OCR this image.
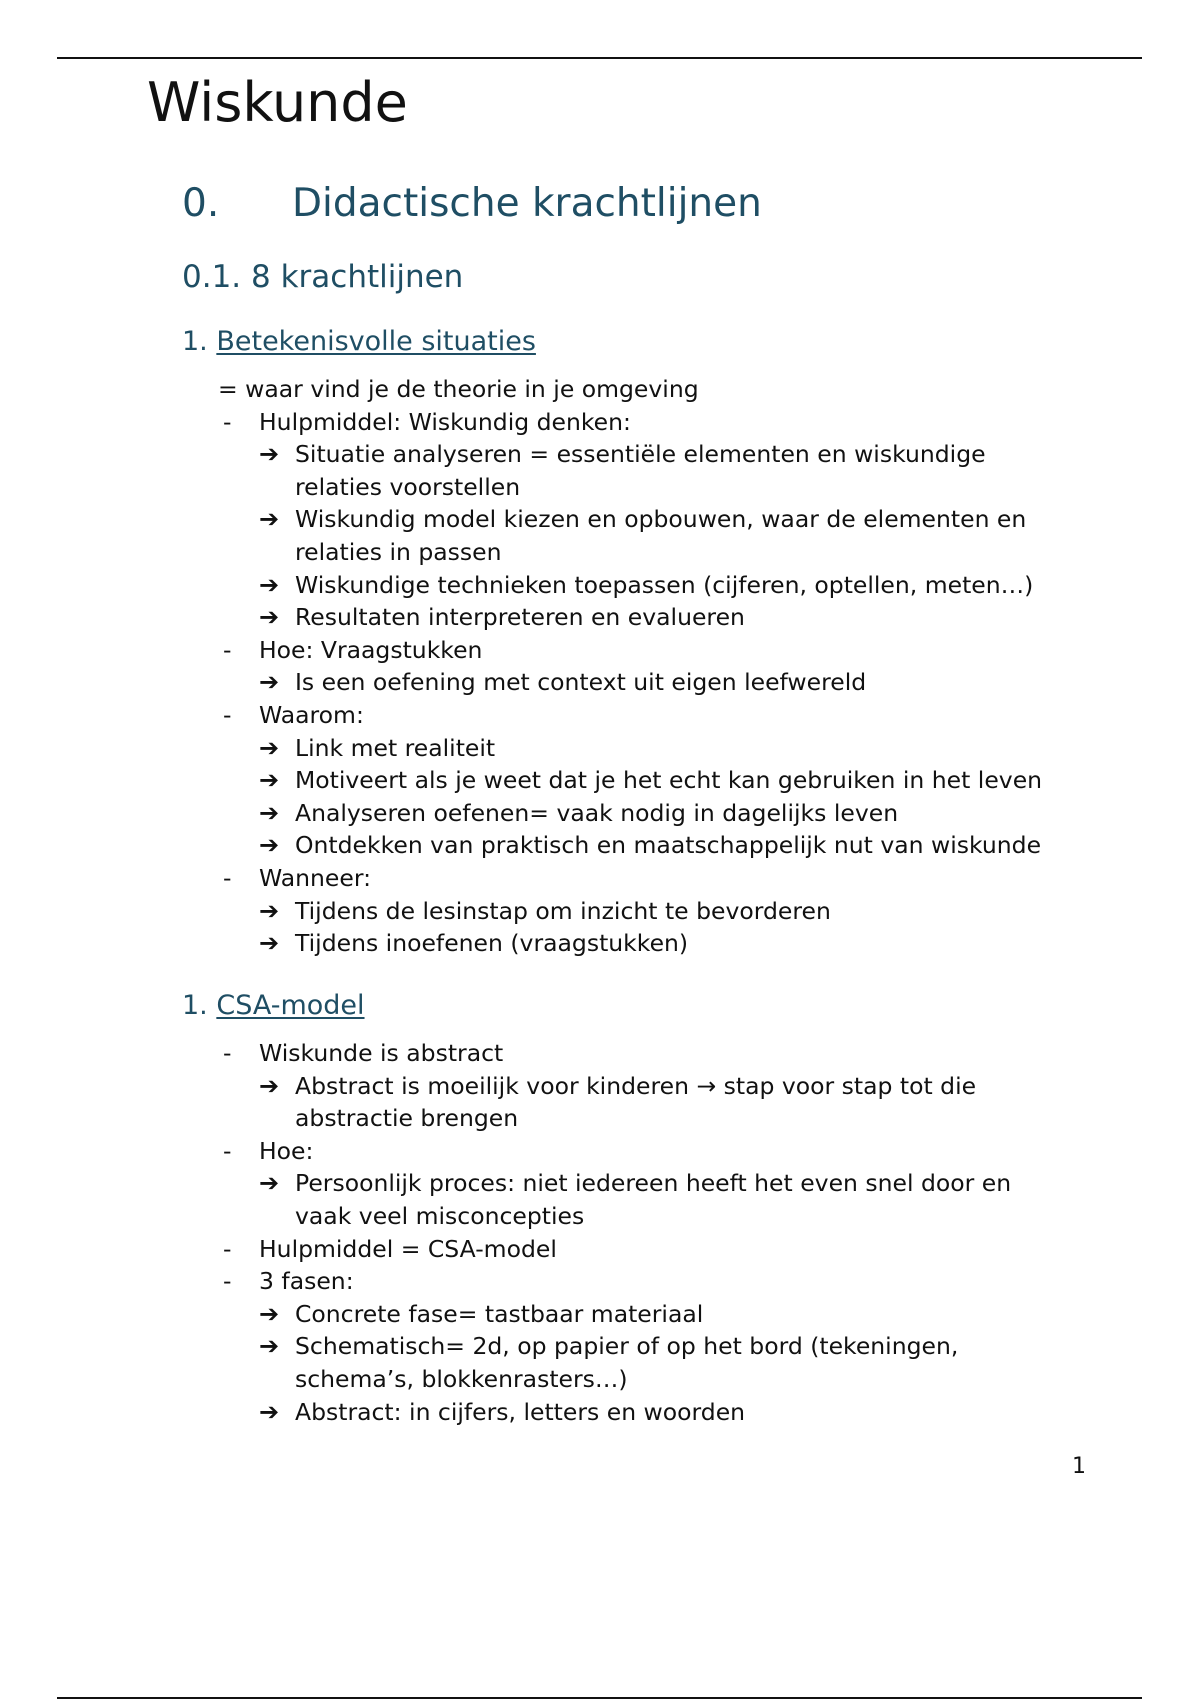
Wiskunde
0.	Didactische krachtlijnen
0.1. 8 krachtlijnen
1. Betekenisvolle situaties
= waar vind je de theorie in je omgeving
- Hulpmiddel: Wiskundig denken:
➔ Situatie analyseren = essentiële elementen en wiskundige
relaties voorstellen
➔ Wiskundig model kiezen en opbouwen, waar de elementen en
relaties in passen
➔ Wiskundige technieken toepassen (cijferen, optellen, meten…)
➔ Resultaten interpreteren en evalueren
- Hoe: Vraagstukken
➔ Is een oefening met context uit eigen leefwereld
- Waarom:
➔ Link met realiteit
➔ Motiveert als je weet dat je het echt kan gebruiken in het leven
➔ Analyseren oefenen= vaak nodig in dagelijks leven
➔ Ontdekken van praktisch en maatschappelijk nut van wiskunde
- Wanneer:
➔ Tijdens de lesinstap om inzicht te bevorderen
➔ Tijdens inoefenen (vraagstukken)
1. CSA-model
- Wiskunde is abstract
➔ Abstract is moeilijk voor kinderen → stap voor stap tot die
abstractie brengen
- Hoe:
➔ Persoonlijk proces: niet iedereen heeft het even snel door en
vaak veel misconcepties
- Hulpmiddel = CSA-model
- 3 fasen:
➔ Concrete fase= tastbaar materiaal
➔ Schematisch= 2d, op papier of op het bord (tekeningen,
schema’s, blokkenrasters…)
➔ Abstract: in cijfers, letters en woorden
1
